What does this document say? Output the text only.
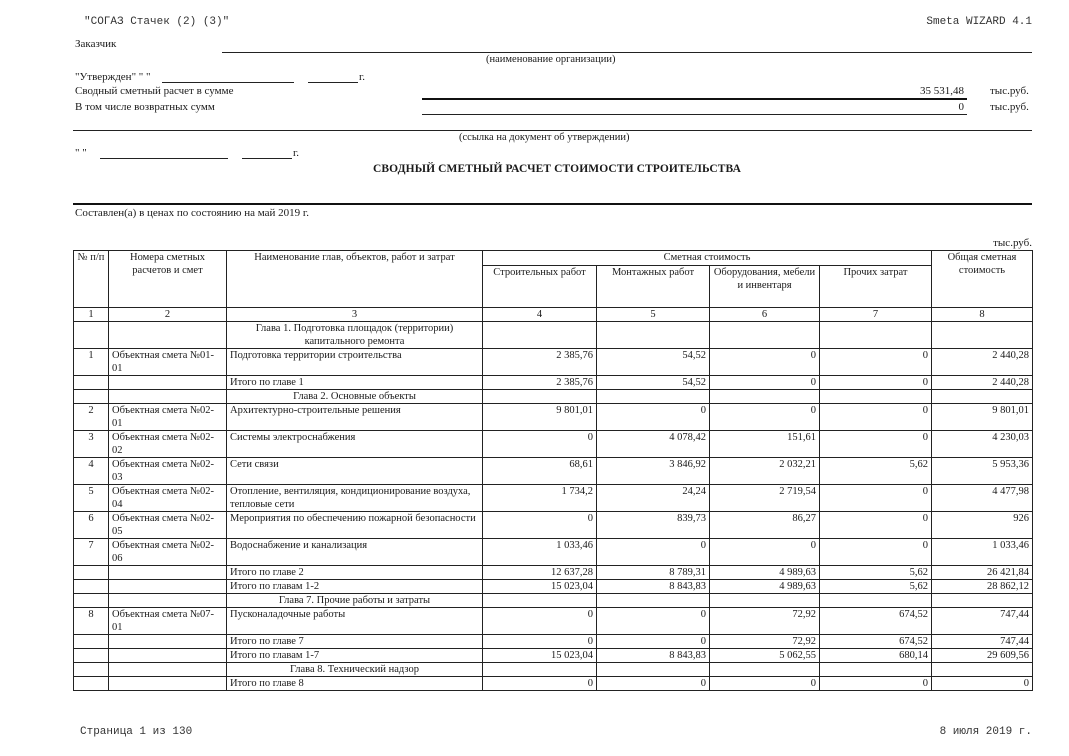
"СОГАЗ Стачек (2) (3)"	Smeta WIZARD 4.1
Заказчик
(наименование организации)
"Утвержден" " "	г.
Сводный сметный расчет в сумме	35 531,48 тыс.руб.
В том числе возвратных сумм	0 тыс.руб.
(ссылка на документ об утверждении)
" "	г.
СВОДНЫЙ СМЕТНЫЙ РАСЧЕТ СТОИМОСТИ СТРОИТЕЛЬСТВА
Составлен(а) в ценах по состоянию на май 2019 г.
тыс.руб.
№ п/п	Номера сметных расчетов и смет	Наименование глав, объектов, работ и затрат	Сметная стоимость				Общая сметная стоимость
			Строительных работ	Монтажных работ	Оборудования, мебели и инвентаря	Прочих затрат	
1	2	3	4	5	6	7	8
		Глава 1. Подготовка площадок (территории) капитального ремонта					
1	Объектная смета №01-01	Подготовка территории строительства	2 385,76	54,52	0	0	2 440,28
		Итого по главе 1	2 385,76	54,52	0	0	2 440,28
		Глава 2. Основные объекты					
2	Объектная смета №02-01	Архитектурно-строительные решения	9 801,01	0	0	0	9 801,01
3	Объектная смета №02-02	Системы электроснабжения	0	4 078,42	151,61	0	4 230,03
4	Объектная смета №02-03	Сети связи	68,61	3 846,92	2 032,21	5,62	5 953,36
5	Объектная смета №02-04	Отопление, вентиляция, кондиционирование воздуха, тепловые сети	1 734,2	24,24	2 719,54	0	4 477,98
6	Объектная смета №02-05	Мероприятия по обеспечению пожарной безопасности	0	839,73	86,27	0	926
7	Объектная смета №02-06	Водоснабжение и канализация	1 033,46	0	0	0	1 033,46
		Итого по главе 2	12 637,28	8 789,31	4 989,63	5,62	26 421,84
		Итого по главам 1-2	15 023,04	8 843,83	4 989,63	5,62	28 862,12
		Глава 7. Прочие работы и затраты					
8	Объектная смета №07-01	Пусконаладочные работы	0	0	72,92	674,52	747,44
		Итого по главе 7	0	0	72,92	674,52	747,44
		Итого по главам 1-7	15 023,04	8 843,83	5 062,55	680,14	29 609,56
		Глава 8. Технический надзор					
		Итого по главе 8	0	0	0	0	0
Страница 1 из 130	8 июля 2019 г.
